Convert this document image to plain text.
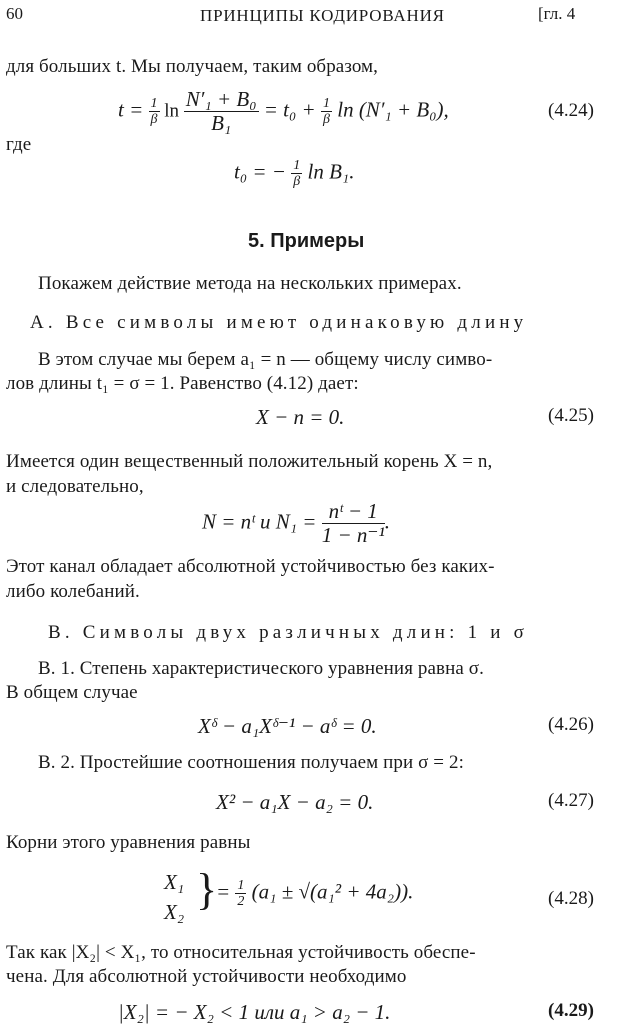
60	ПРИНЦИПЫ КОДИРОВАНИЯ	[гл. 4
для больших t. Мы получаем, таким образом,
$t = \frac{1}{\beta}$ $\ln \frac{\text{N′₁ + B₀}}{\text{B₁}} = t_0 + \frac{1}{\beta}$ ln (N′₁ + B₀),	(4.24)
где
t₀ = − $\frac{1}{\beta}$ ln B₁.
5. Примеры
Покажем действие метода на нескольких примерах.
А. Все символы имеют одинаковую длину
В этом случае мы берем a₁ = n — общему числу симво-
лов длины t₁ = σ = 1. Равенство (4.12) дает:
X − n = 0.	(4.25)
Имеется один вещественный положительный корень X = n,
и следовательно,
N = nᵗ и $N_1 = \frac{\text{nᵗ − 1}}{\text{1 − n⁻¹}}$ .
Этот канал обладает абсолютной устойчивостью без каких-
либо колебаний.
B. Символы двух различных длин: 1 и σ
B. 1. Степень характеристического уравнения равна σ.
В общем случае
Xᵟ − a₁Xᵟ⁻¹ − aᵟ = 0.	(4.26)
B. 2. Простейшие соотношения получаем при σ = 2:
X² − a₁X − a₂ = 0.	(4.27)
Корни этого уравнения равны
X₁
X₂ }
= $\frac{1}{2} (a_1 \pm √(a_1^2 + 4a_2))$.	(4.28)
Так как |X₂| < X₁, то относительная устойчивость обеспе-
чена. Для абсолютной устойчивости необходимо
|X₂| = − X₂ < 1 или a₁ > a₂ − 1.	(4.29)
